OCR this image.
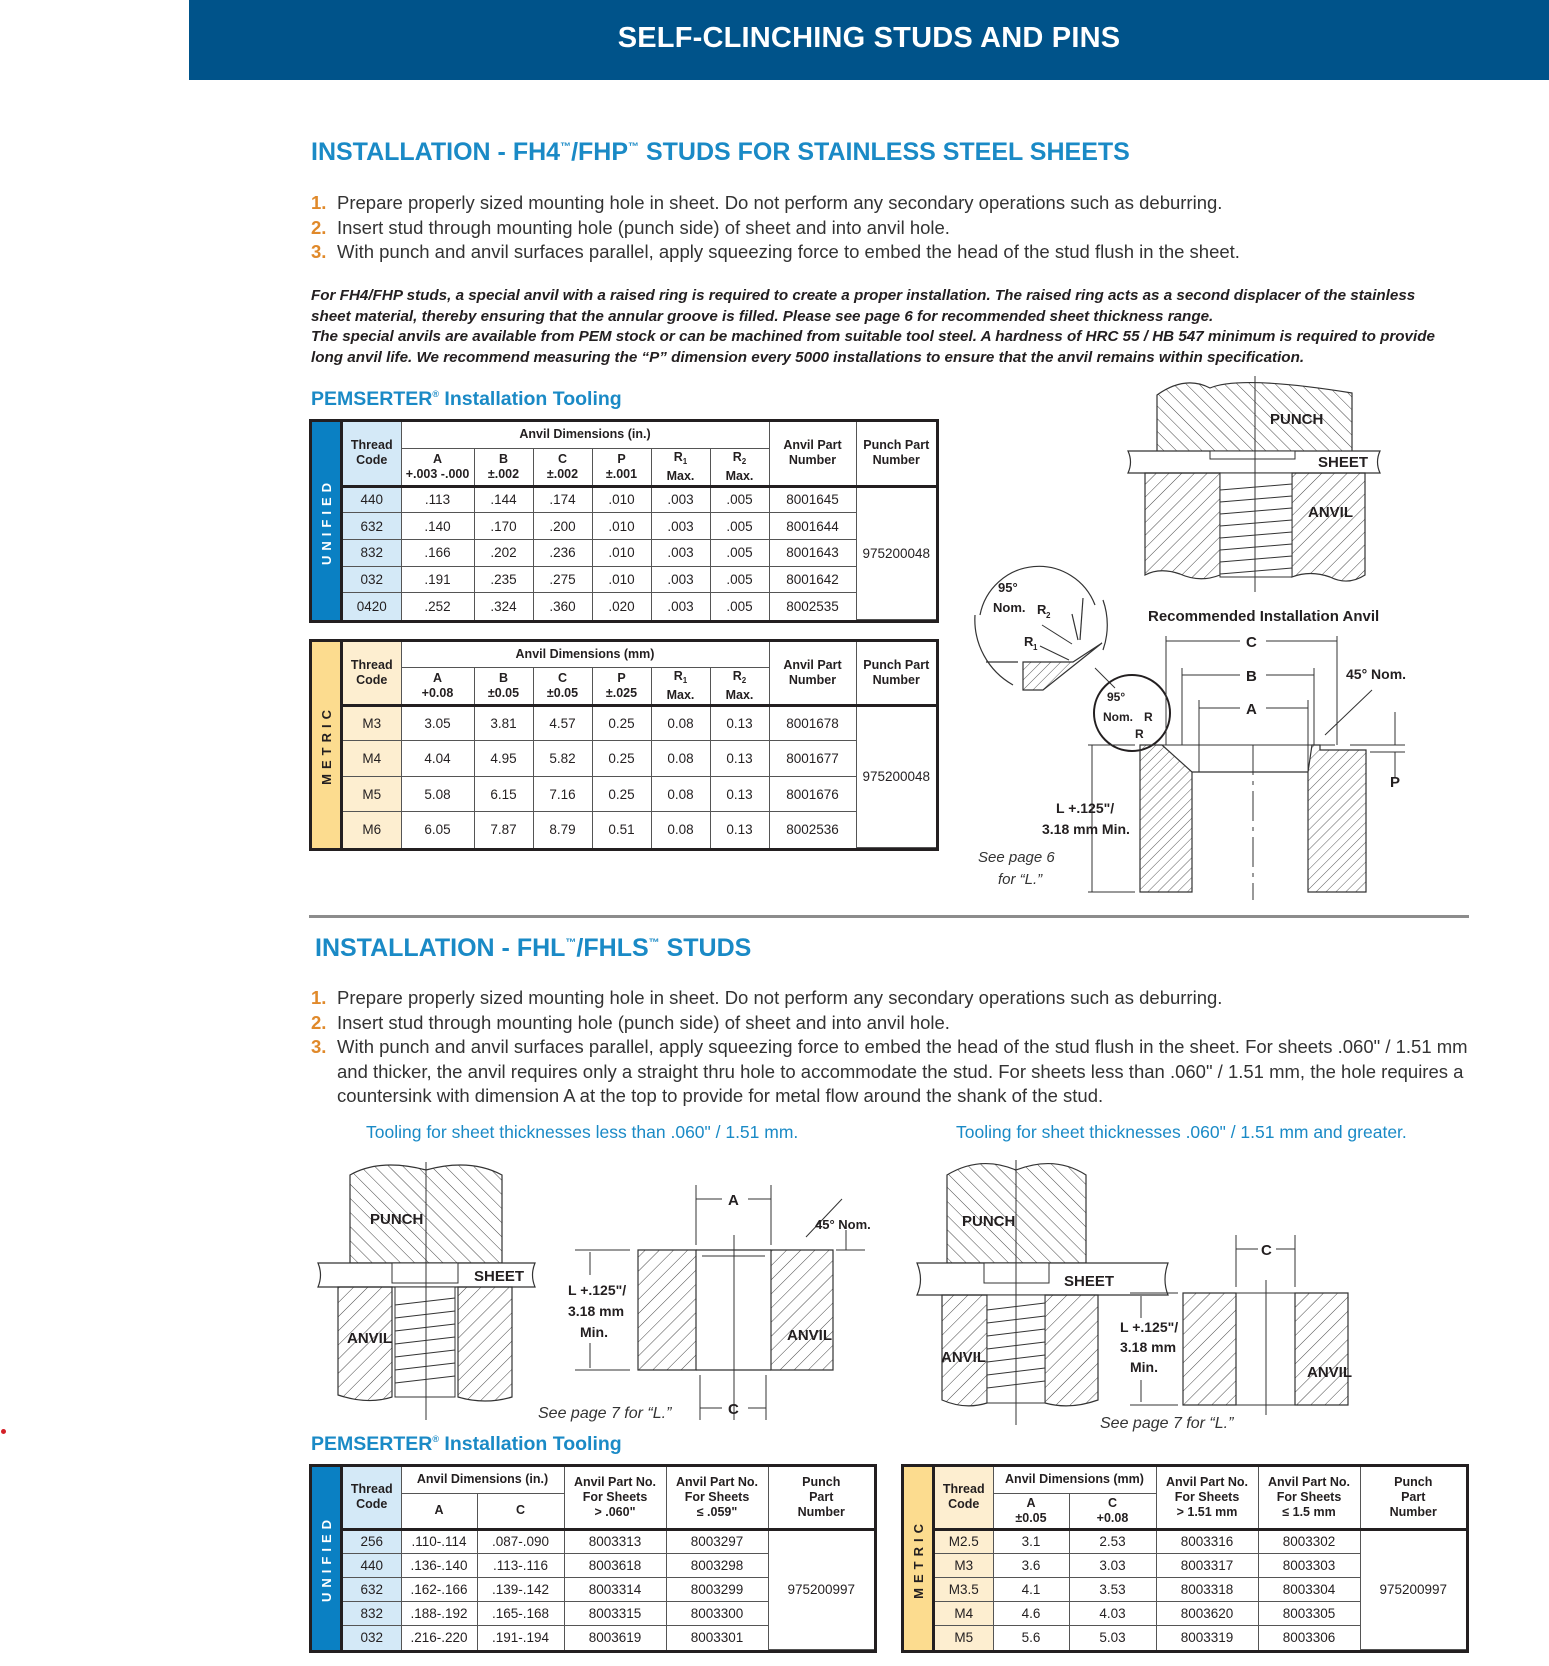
SELF-CLINCHING STUDS AND PINS
INSTALLATION - FH4™/FHP™ STUDS FOR STAINLESS STEEL SHEETS
1. Prepare properly sized mounting hole in sheet. Do not perform any secondary operations such as deburring.
2. Insert stud through mounting hole (punch side) of sheet and into anvil hole.
3. With punch and anvil surfaces parallel, apply squeezing force to embed the head of the stud flush in the sheet.
For FH4/FHP studs, a special anvil with a raised ring is required to create a proper installation. The raised ring acts as a second displacer of the stainless
sheet material, thereby ensuring that the annular groove is filled. Please see page 6 for recommended sheet thickness range.
The special anvils are available from PEM stock or can be machined from suitable tool steel. A hardness of HRC 55 / HB 547 minimum is required to provide
long anvil life. We recommend measuring the “P” dimension every 5000 installations to ensure that the anvil remains within specification.
PEMSERTER® Installation Tooling
UNIFIED
Thread
Code	Anvil Dimensions (in.)						Anvil Part
Number	Punch Part
Number
	A
+.003 -.000	B
±.002	C
±.002	P
±.001	$R_1$
Max.	$R_2$
Max.		
440	.113	.144	.174	.010	.003	.005	8001645	975200048
632	.140	.170	.200	.010	.003	.005	8001644	
832	.166	.202	.236	.010	.003	.005	8001643	
032	.191	.235	.275	.010	.003	.005	8001642	
0420	.252	.324	.360	.020	.003	.005	8002535	
METRIC
Thread
Code	Anvil Dimensions (mm)						Anvil Part
Number	Punch Part
Number
	A
+0.08	B
±0.05	C
±0.05	P
±.025	$R_1$
Max.	$R_2$
Max.		
M3	3.05	3.81	4.57	0.25	0.08	0.13	8001678	975200048
M4	4.04	4.95	5.82	0.25	0.08	0.13	8001677	
M5	5.08	6.15	7.16	0.25	0.08	0.13	8001676	
M6	6.05	7.87	8.79	0.51	0.08	0.13	8002536	
PUNCH
SHEET
ANVIL
Recommended Installation Anvil
95°
Nom. R 2
R 1
95°
Nom. R
R
C
B
A
45° Nom.
P
L +.125"/
3.18 mm Min.
See page 6
for “L.”
INSTALLATION - FHL™/FHLS™ STUDS
1. Prepare properly sized mounting hole in sheet. Do not perform any secondary operations such as deburring.
2. Insert stud through mounting hole (punch side) of sheet and into anvil hole.
3. With punch and anvil surfaces parallel, apply squeezing force to embed the head of the stud flush in the sheet. For sheets .060" / 1.51 mm and thicker, the anvil requires only a straight thru hole to accommodate the stud. For sheets less than .060" / 1.51 mm, the hole requires a countersink with dimension A at the top to provide for metal flow around the shank of the stud.
Tooling for sheet thicknesses less than .060" / 1.51 mm.	Tooling for sheet thicknesses .060" / 1.51 mm and greater.
PUNCH
SHEET
ANVIL
A
C
45° Nom.
L +.125"/
3.18 mm
Min.	ANVIL
See page 7 for “L.”
PUNCH
SHEET
ANVIL
C
L +.125"/
3.18 mm
Min.	ANVIL
See page 7 for “L.”
PEMSERTER® Installation Tooling
UNIFIED
Thread
Code	Anvil Dimensions (in.)		Anvil Part No.
For Sheets
> .060"	Anvil Part No.
For Sheets
≤ .059"	Punch
Part
Number
	A	C			
256	.110-.114	.087-.090	8003313	8003297	975200997
440	.136-.140	.113-.116	8003618	8003298	
632	.162-.166	.139-.142	8003314	8003299	
832	.188-.192	.165-.168	8003315	8003300	
032	.216-.220	.191-.194	8003619	8003301	
METRIC
Thread
Code	Anvil Dimensions (mm)		Anvil Part No.
For Sheets
> 1.51 mm	Anvil Part No.
For Sheets
≤ 1.5 mm	Punch
Part
Number
	A
±0.05	C
+0.08			
M2.5	3.1	2.53	8003316	8003302	975200997
M3	3.6	3.03	8003317	8003303	
M3.5	4.1	3.53	8003318	8003304	
M4	4.6	4.03	8003620	8003305	
M5	5.6	5.03	8003319	8003306	
